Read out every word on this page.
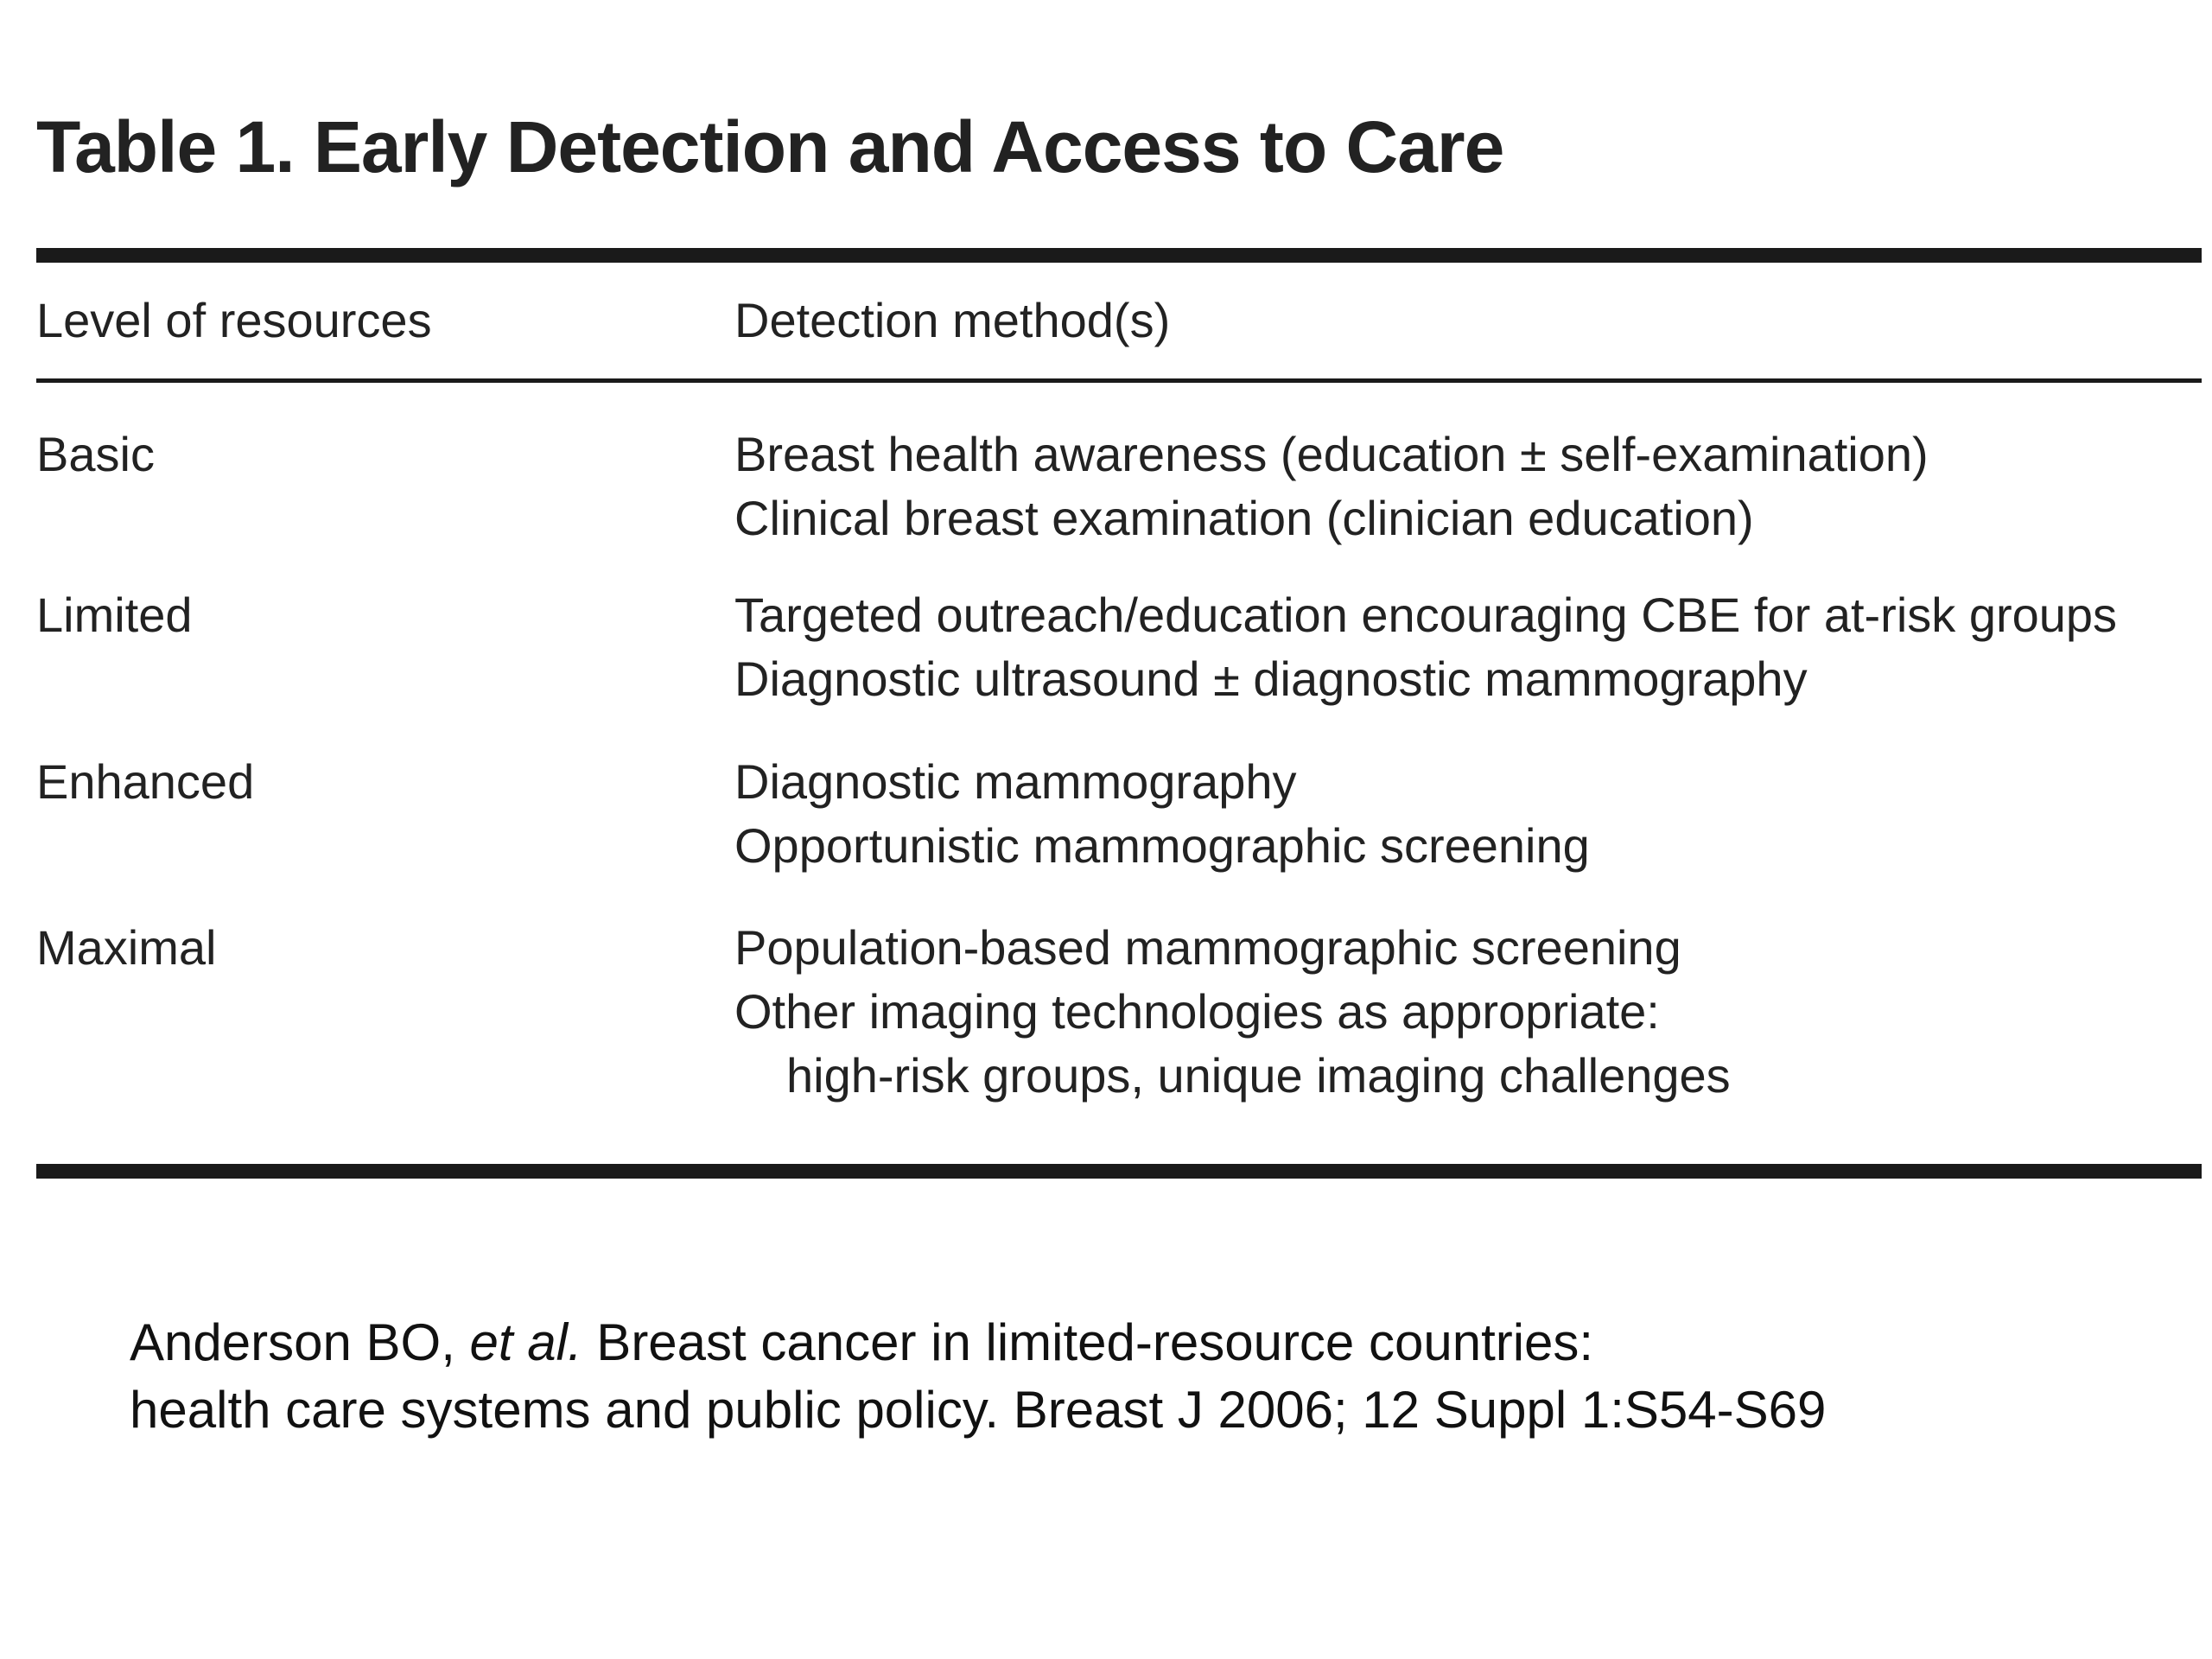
Table 1. Early Detection and Access to Care
Level of resources	Detection method(s)
Basic	Breast health awareness (education ± self-examination)
Clinical breast examination (clinician education)
Limited	Targeted outreach/education encouraging CBE for at-risk groups
Diagnostic ultrasound ± diagnostic mammography
Enhanced	Diagnostic mammography
Opportunistic mammographic screening
Maximal	Population-based mammographic screening
Other imaging technologies as appropriate:
high-risk groups, unique imaging challenges
Anderson BO, et al. Breast cancer in limited-resource countries:
health care systems and public policy. Breast J 2006; 12 Suppl 1:S54-S69
